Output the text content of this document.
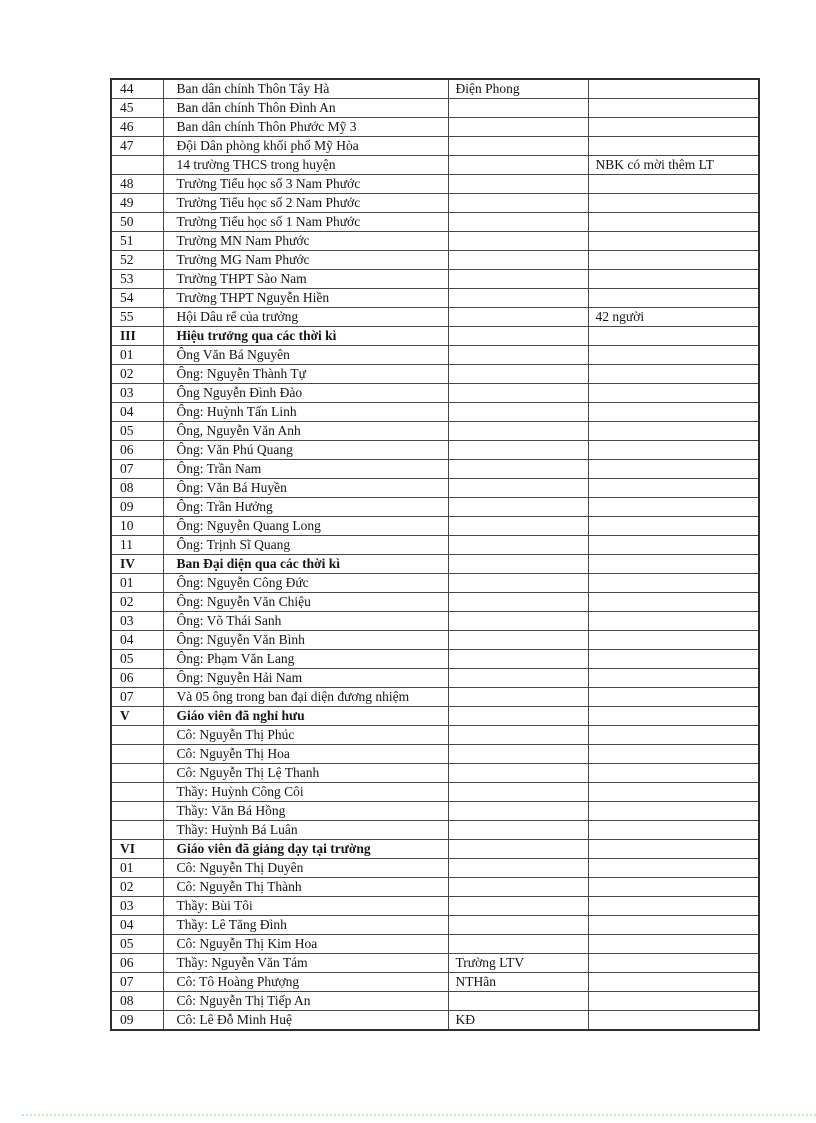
44	Ban dân chính Thôn Tây Hà	Điện Phong	
45	Ban dân chính Thôn Đình An		
46	Ban dân chính Thôn Phước Mỹ 3		
47	Đội Dân phòng khối phố Mỹ Hòa		
	14 trường THCS trong huyện		NBK có mời thêm LT
48	Trường Tiểu học số 3 Nam Phước		
49	Trường Tiểu học số 2 Nam Phước		
50	Trường Tiểu học số 1 Nam Phước		
51	Trường MN Nam Phước		
52	Trường MG Nam Phước		
53	Trường THPT Sào Nam		
54	Trường THPT Nguyễn Hiền		
55	Hội Dâu rể của trưởng		42 người
III	Hiệu trưởng qua các thời kì		
01	Ông Văn Bá Nguyên		
02	Ông: Nguyễn Thành Tự		
03	Ông Nguyễn Đình Đào		
04	Ông: Huỳnh Tấn Linh		
05	Ông, Nguyễn Văn Anh		
06	Ông: Văn Phú Quang		
07	Ông: Trần Nam		
08	Ông: Văn Bá Huyền		
09	Ông: Trần Hưởng		
10	Ông: Nguyễn Quang Long		
11	Ông: Trịnh Sĩ Quang		
IV	Ban Đại diện qua các thời kì		
01	Ông: Nguyễn Công Đức		
02	Ông: Nguyễn Văn Chiệu		
03	Ông: Võ Thái Sanh		
04	Ông: Nguyễn Văn Bình		
05	Ông: Phạm Văn Lang		
06	Ông: Nguyễn Hải Nam		
07	Và 05 ông trong ban đại diện đương nhiệm		
V	Giáo viên đã nghỉ hưu		
	Cô: Nguyễn Thị Phúc		
	Cô: Nguyễn Thị Hoa		
	Cô: Nguyễn Thị Lệ Thanh		
	Thầy: Huỳnh Công Côi		
	Thầy: Văn Bá Hồng		
	Thầy: Huỳnh Bá Luân		
VI	Giáo viên đã giảng dạy tại trường		
01	Cô: Nguyễn Thị Duyên		
02	Cô: Nguyễn Thị Thành		
03	Thầy: Bùi Tôi		
04	Thầy: Lê Tăng Đình		
05	Cô: Nguyễn Thị Kim Hoa		
06	Thầy: Nguyễn Văn Tám	Trường LTV	
07	Cô: Tô Hoàng Phượng	NTHãn	
08	Cô: Nguyễn Thị Tiếp An		
09	Cô: Lê Đỗ Minh Huệ	KĐ	
